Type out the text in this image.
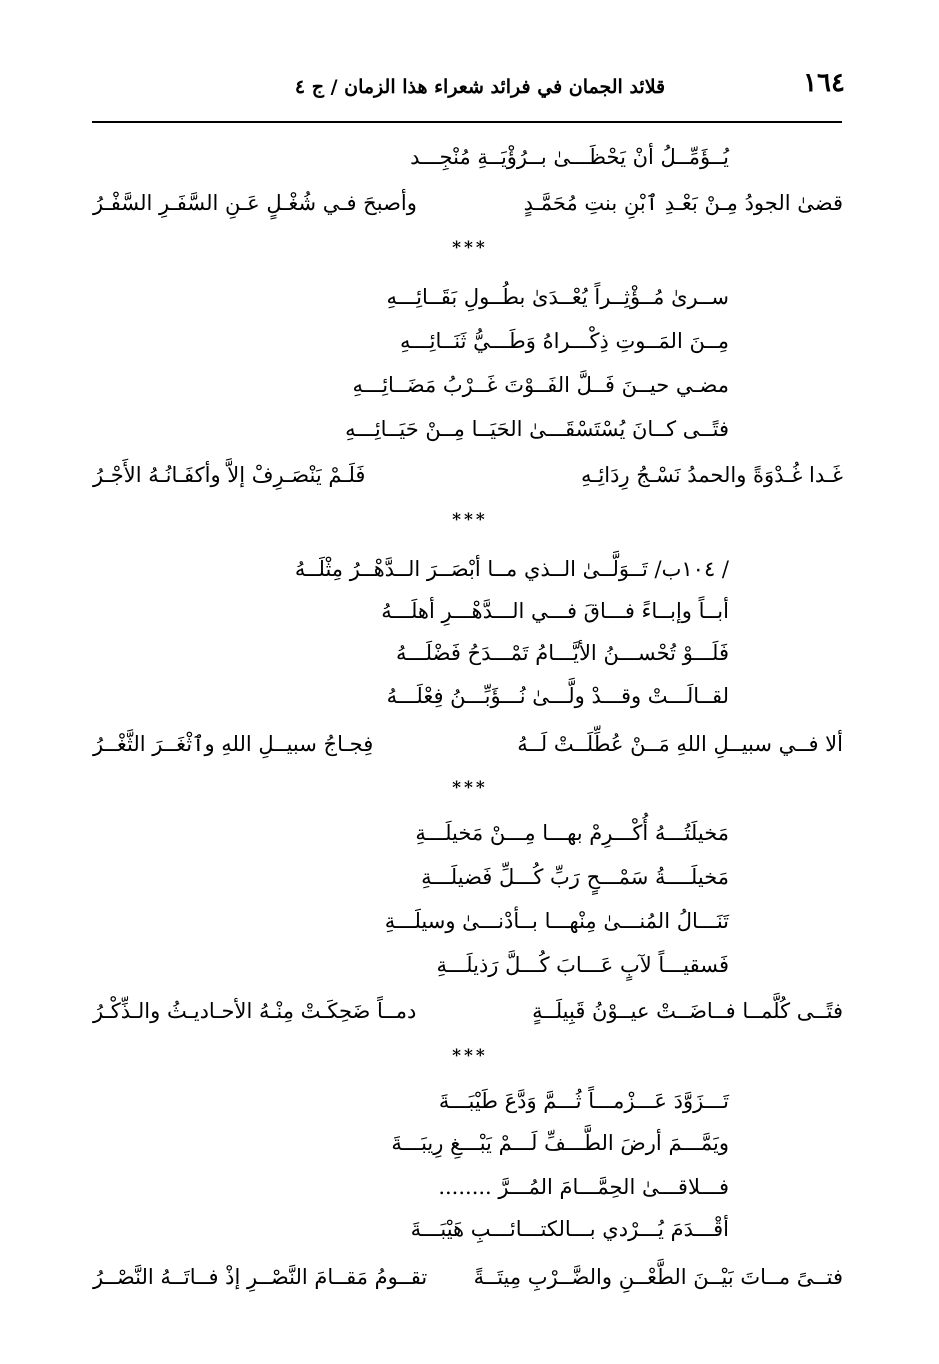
١٦٤
قلائد الجمان في فرائد شعراء هذا الزمان / ج ٤
يُــؤَمِّــلُ أنْ يَحْظَـــىٰ بــرُؤْيَــةِ مُنْجِـــد
قضىٰ الجودُ مِـنْ بَعْـدِ ٱبْنِ بنتِ مُحَمَّـدٍ
وأصبحَ فـي شُغْـلٍ عَـنِ السَّفَـرِ السَّفْـرُ
***
ســرىٰ مُــؤْثِــراً يُعْــدَىٰ بطُــولِ بَقَــائِـــهِ
مِــنَ المَــوتِ ذِكْـــراهُ وَطَـــيُّ ثَنَــائِـــهِ
مضـي حيــنَ فَــلَّ الفَــوْتَ غَــرْبُ مَضَــائِـــهِ
فتًــى كــانَ يُسْتَسْقَـــىٰ الحَيَــا مِــنْ حَيَــائِـــهِ
غَـدا غُـدْوَةً والحمدُ نَسْـجُ رِدَائِـهِ
فَلَـمْ يَنْصَـرِفْ إلاَّ وأكفَـانُـهُ الأَجْـرُ
***
/ ١٠٤ب/ تَــوَلَّــىٰ الــذي مــا أبْصَــرَ الــدَّهْــرُ مِثْلَــهُ
أبــاً وإبــاءً فـــاقَ فـــي الـــدَّهْـــرِ أهلَـــهُ
فَلَـــوْ تُحْســـنُ الأيَّـــامُ تَمْـــدَحُ فَضْلَـــهُ
لقــالَـــتْ وقـــدْ ولَّـــىٰ نُـــؤَبِّـــنُ فِعْلَـــهُ
ألا فــي سبيــلِ اللهِ مَــنْ عُطِّلَــتْ لَــهُ
فِجـاجُ سبيــلِ اللهِ وٱثْغَــرَ الثَّغْــرُ
***
مَخيلَتُـــهُ أُكْـــرِمْ بهـــا مِـــنْ مَخيلَـــةِ
مَخيلَــــةُ سَمْـــحٍ رَبِّ كُـــلِّ فَضيلَـــةِ
تَنَـــالُ المُنـــىٰ مِنْهـــا بــأدْنـــىٰ وسيلَـــةِ
فَسقيـــاً لآبٍ عَـــابَ كُـــلَّ رَذيلَـــةِ
فتًــى كُلَّمــا فــاضَــتْ عيــوْنُ قَبِيلَــةٍ
دمــاً ضَحِكَـتْ مِنْـهُ الأحـاديـثُ والـذِّكْـرُ
***
تَـــزَوَّدَ عَـــزْمـــاً ثُـــمَّ وَدَّعَ طَيْبَـــةَ
ويَمَّـــمَ أرضَ الطَّـــفِّ لَـــمْ يَبْـــغِ رِيبَـــةَ
فـــلاقـــىٰ الحِمَّـــامَ المُـــرَّ ........
أقْـــدَمَ يُـــرْدي بـــالكتـــائـــبِ هَيْبَـــةَ
فتــىً مــاتَ بَيْــنَ الطَّعْــنِ والضَّــرْبِ مِيتَــةً
تقــومُ مَقــامَ النَّصْــرِ إذْ فــاتَــهُ النَّصْــرُ
